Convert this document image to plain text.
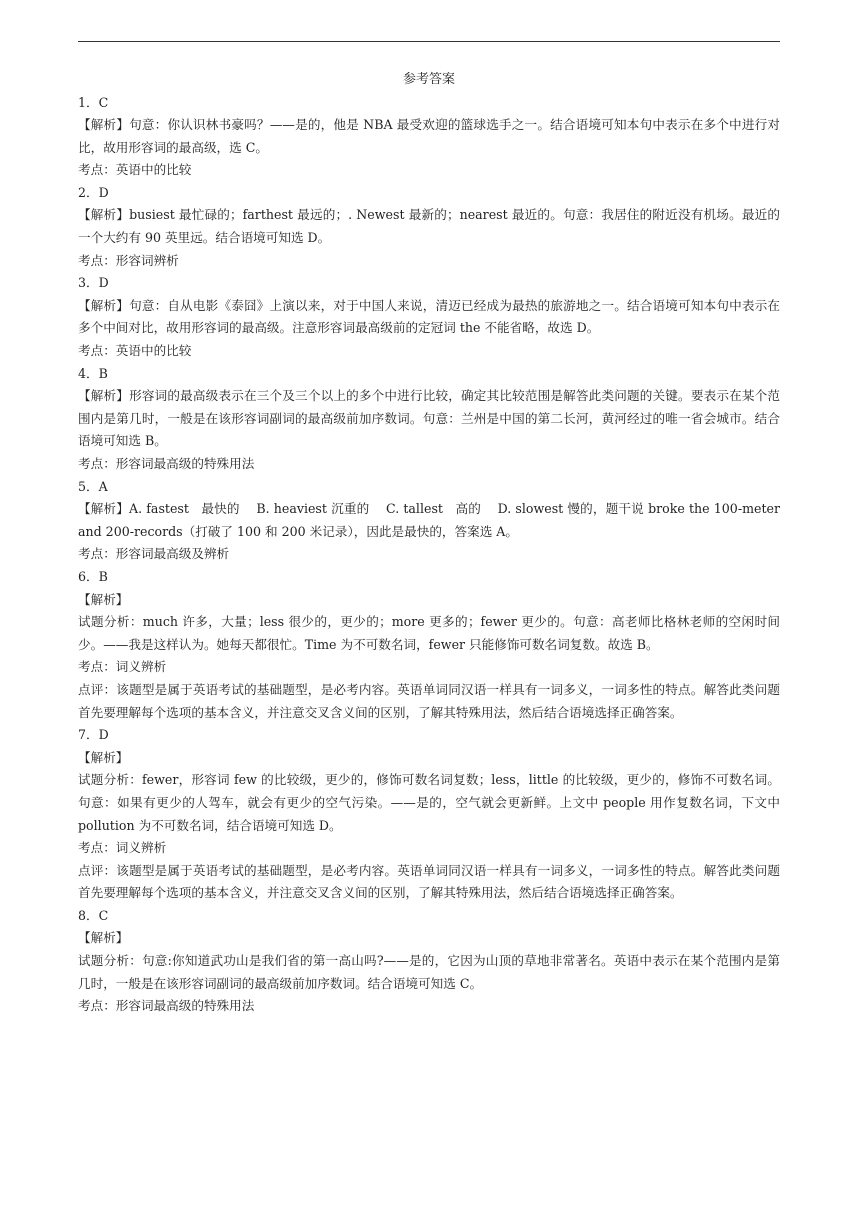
参考答案
1．C
【解析】句意：你认识林书豪吗？——是的，他是 NBA 最受欢迎的篮球选手之一。结合语境可知本句中表示在多个中进行对比，故用形容词的最高级，选 C。
考点：英语中的比较
2．D
【解析】busiest 最忙碌的；farthest 最远的；. Newest 最新的；nearest 最近的。句意：我居住的附近没有机场。最近的一个大约有 90 英里远。结合语境可知选 D。
考点：形容词辨析
3．D
【解析】句意：自从电影《泰囧》上演以来，对于中国人来说，清迈已经成为最热的旅游地之一。结合语境可知本句中表示在多个中间对比，故用形容词的最高级。注意形容词最高级前的定冠词 the 不能省略，故选 D。
考点：英语中的比较
4．B
【解析】形容词的最高级表示在三个及三个以上的多个中进行比较，确定其比较范围是解答此类问题的关键。要表示在某个范围内是第几时，一般是在该形容词副词的最高级前加序数词。句意：兰州是中国的第二长河，黄河经过的唯一省会城市。结合语境可知选 B。
考点：形容词最高级的特殊用法
5．A
【解析】A. fastest   最快的    B. heaviest 沉重的    C. tallest   高的    D. slowest 慢的，题干说 broke the 100-meter and 200-records（打破了 100 和 200 米记录），因此是最快的，答案选 A。
考点：形容词最高级及辨析
6．B
【解析】
试题分析：much 许多，大量；less 很少的，更少的；more 更多的；fewer 更少的。句意：高老师比格林老师的空闲时间少。——我是这样认为。她每天都很忙。Time 为不可数名词，fewer 只能修饰可数名词复数。故选 B。
考点：词义辨析
点评：该题型是属于英语考试的基础题型，是必考内容。英语单词同汉语一样具有一词多义，一词多性的特点。解答此类问题首先要理解每个选项的基本含义，并注意交叉含义间的区别，了解其特殊用法，然后结合语境选择正确答案。
7．D
【解析】
试题分析：fewer，形容词 few 的比较级，更少的，修饰可数名词复数；less，little 的比较级，更少的，修饰不可数名词。句意：如果有更少的人驾车，就会有更少的空气污染。——是的，空气就会更新鲜。上文中 people 用作复数名词，下文中 pollution 为不可数名词，结合语境可知选 D。
考点：词义辨析
点评：该题型是属于英语考试的基础题型，是必考内容。英语单词同汉语一样具有一词多义，一词多性的特点。解答此类问题首先要理解每个选项的基本含义，并注意交叉含义间的区别，了解其特殊用法，然后结合语境选择正确答案。
8．C
【解析】
试题分析：句意:你知道武功山是我们省的第一高山吗?——是的，它因为山顶的草地非常著名。英语中表示在某个范围内是第几时，一般是在该形容词副词的最高级前加序数词。结合语境可知选 C。
考点：形容词最高级的特殊用法
